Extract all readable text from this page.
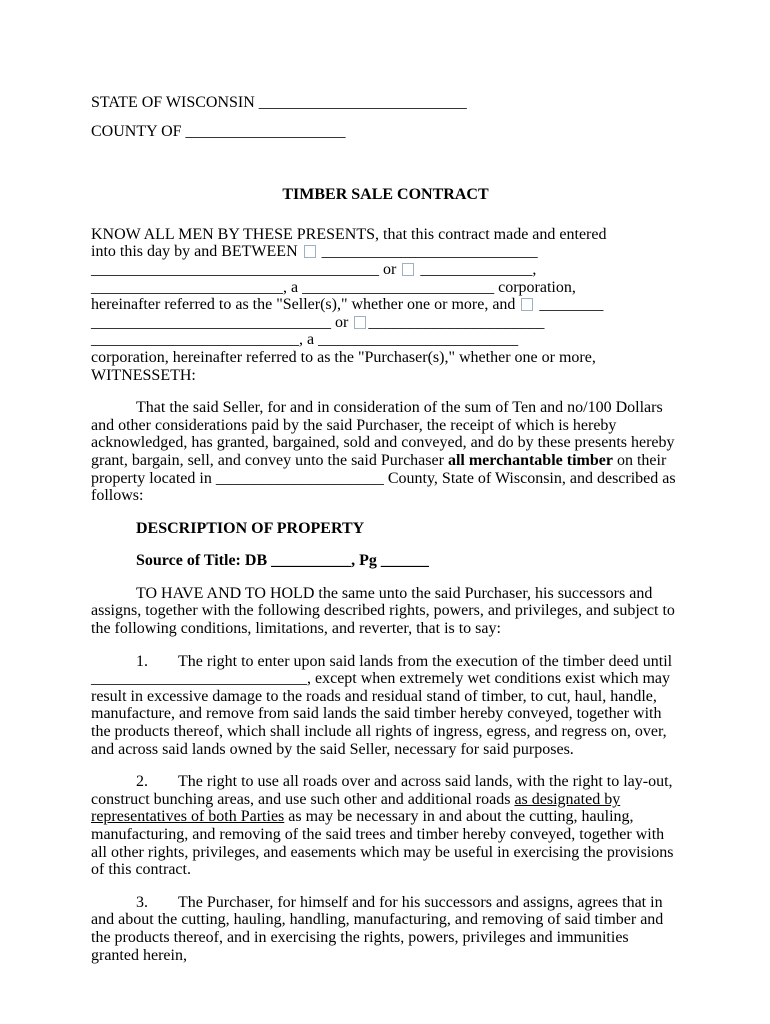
STATE OF WISCONSIN __________________________
COUNTY OF ____________________
TIMBER SALE CONTRACT
KNOW ALL MEN BY THESE PRESENTS, that this contract made and entered
into this day by and BETWEEN  ___________________________
____________________________________ or  ______________,
________________________, a ________________________ corporation,
hereinafter referred to as the "Seller(s)," whether one or more, and  ________
______________________________ or ______________________
__________________________, a _________________________
corporation, hereinafter referred to as the "Purchaser(s)," whether one or more,
WITNESSETH:

That the said Seller, for and in consideration of the sum of Ten and no/100 Dollars and other considerations paid by the said Purchaser, the receipt of which is hereby acknowledged, has granted, bargained, sold and conveyed, and do by these presents hereby grant, bargain, sell, and convey unto the said Purchaser all merchantable timber on their property located in _____________________ County, State of Wisconsin, and described as follows:

DESCRIPTION OF PROPERTY

Source of Title: DB __________, Pg ______

TO HAVE AND TO HOLD the same unto the said Purchaser, his successors and assigns, together with the following described rights, powers, and privileges, and subject to the following conditions, limitations, and reverter, that is to say:

1. The right to enter upon said lands from the execution of the timber deed until ___________________________, except when extremely wet conditions exist which may result in excessive damage to the roads and residual stand of timber, to cut, haul, handle, manufacture, and remove from said lands the said timber hereby conveyed, together with the products thereof, which shall include all rights of ingress, egress, and regress on, over, and across said lands owned by the said Seller, necessary for said purposes.

2. The right to use all roads over and across said lands, with the right to lay-out, construct bunching areas, and use such other and additional roads as designated by representatives of both Parties as may be necessary in and about the cutting, hauling, manufacturing, and removing of the said trees and timber hereby conveyed, together with all other rights, privileges, and easements which may be useful in exercising the provisions of this contract.

3. The Purchaser, for himself and for his successors and assigns, agrees that in and about the cutting, hauling, handling, manufacturing, and removing of said timber and the products thereof, and in exercising the rights, powers, privileges and immunities granted herein,
